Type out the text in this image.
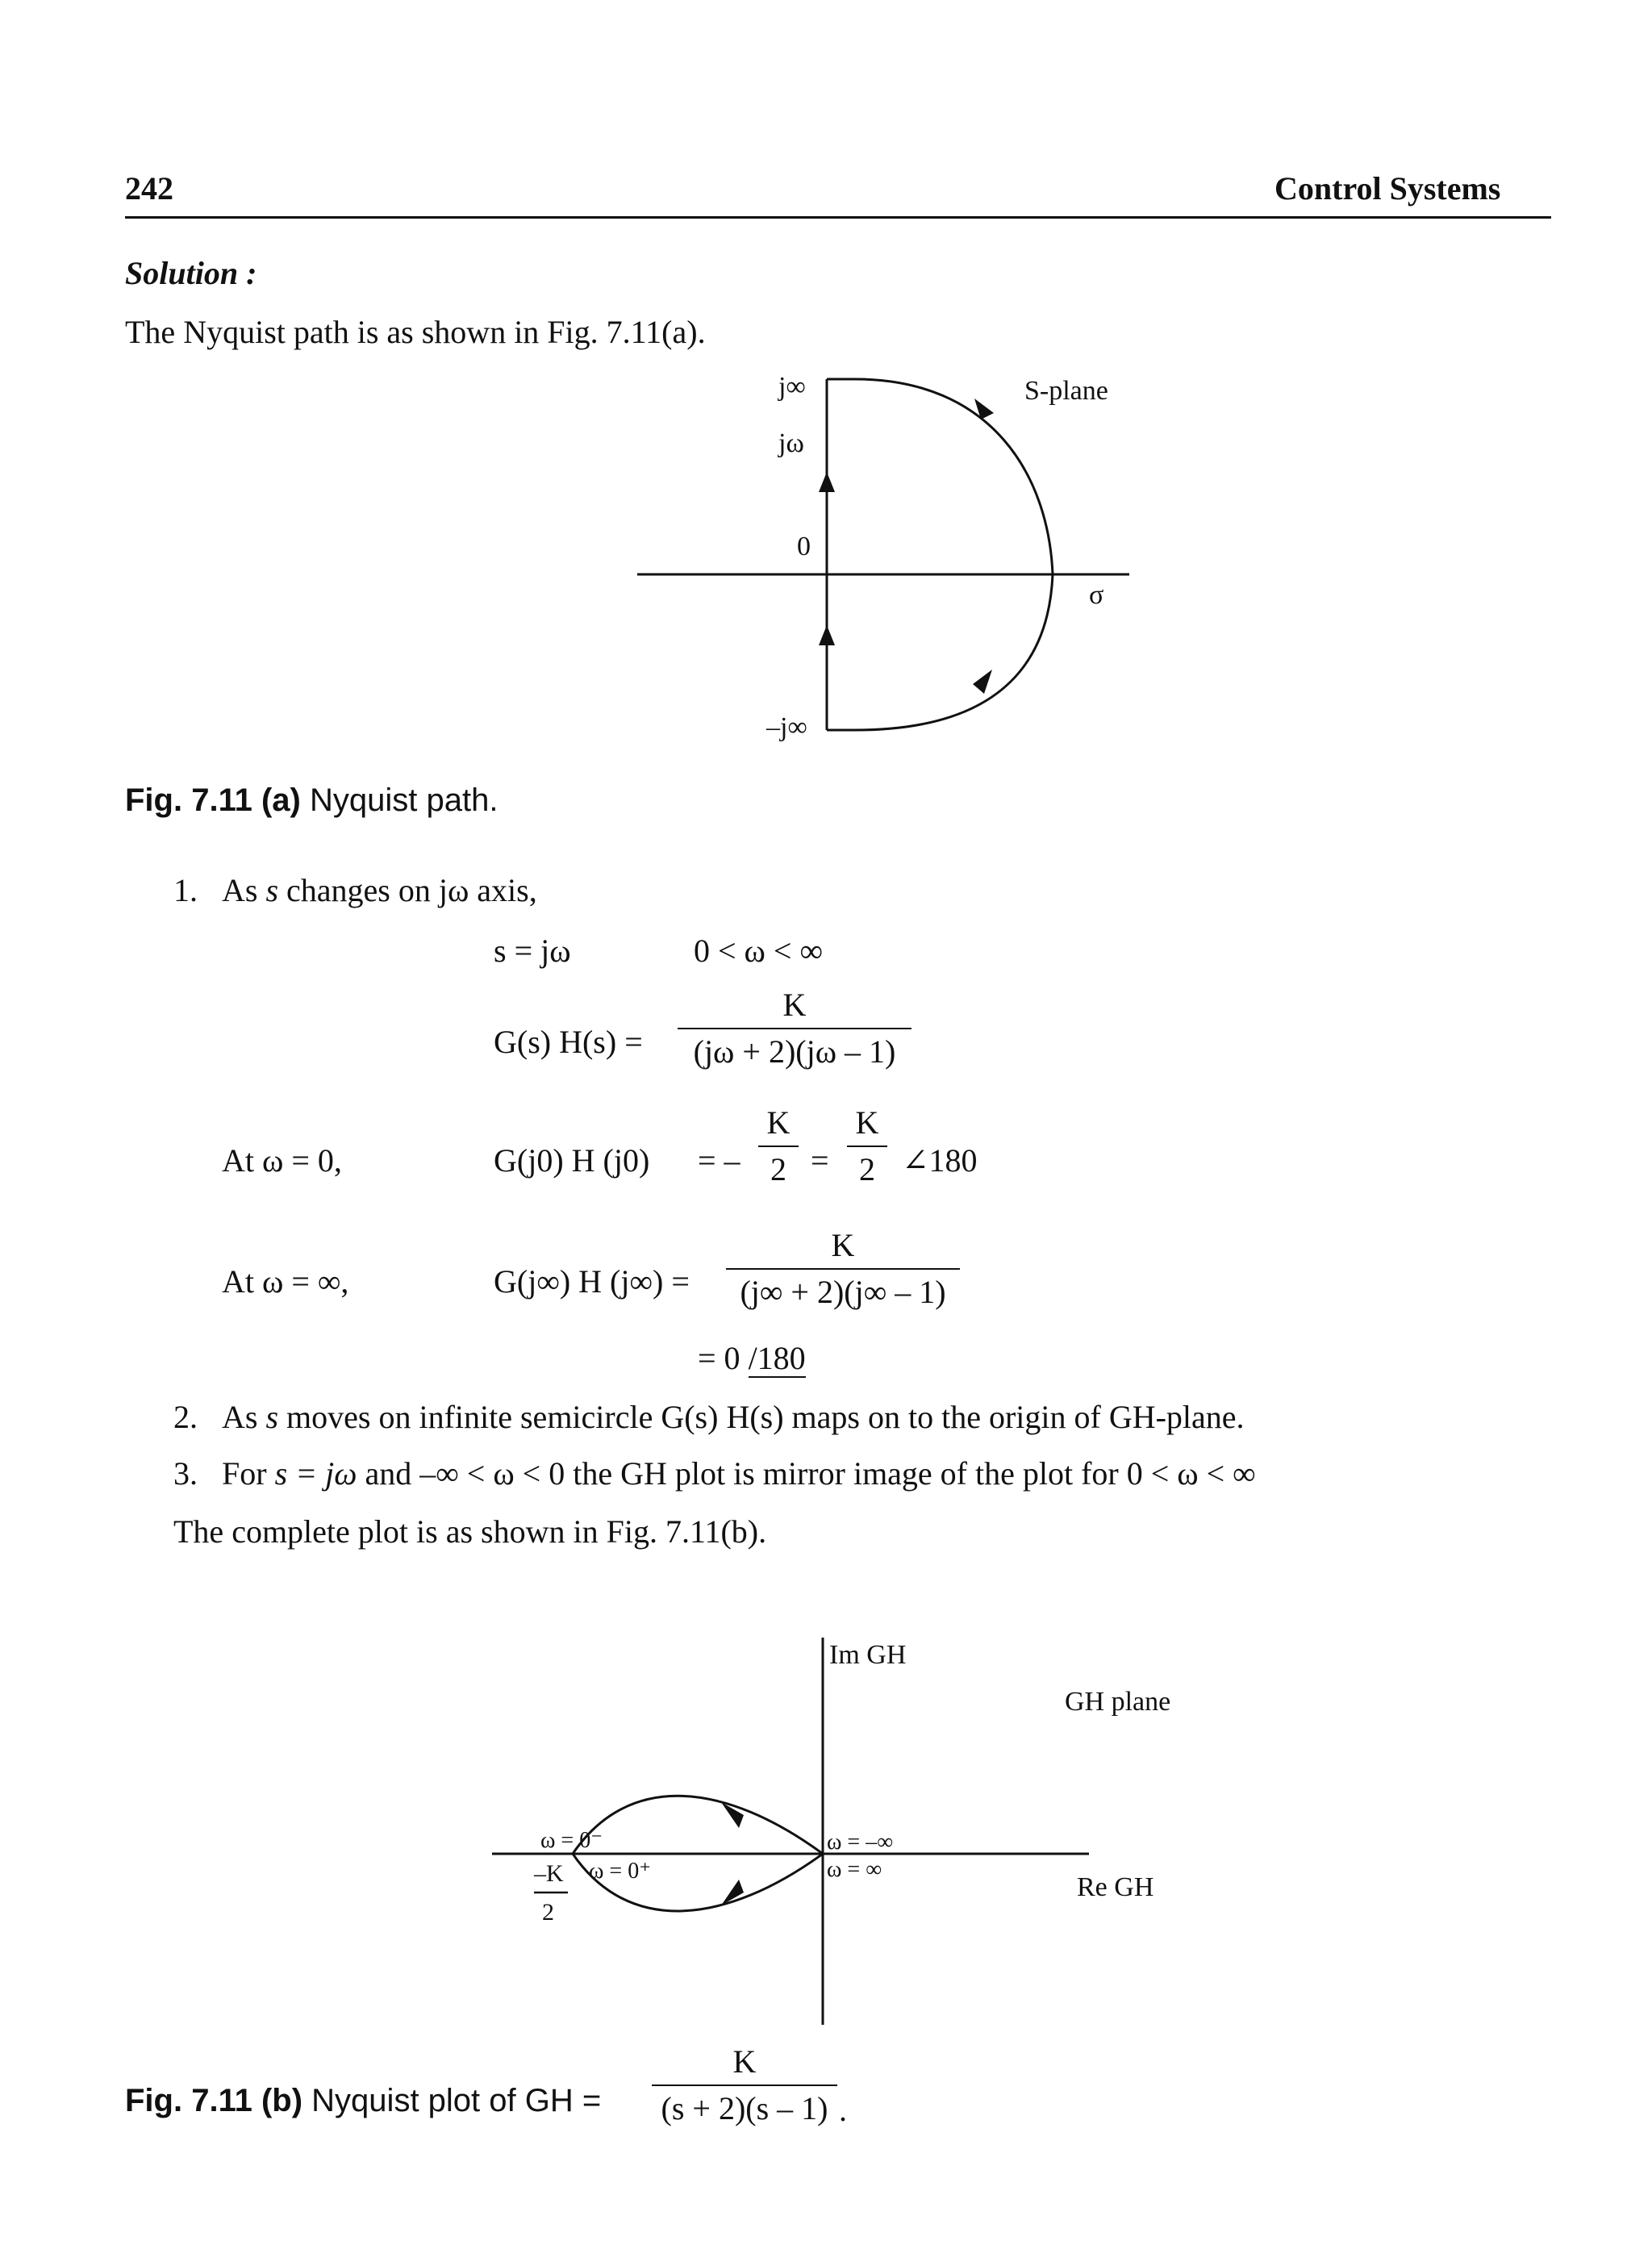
242	Control Systems
Solution :
The Nyquist path is as shown in Fig. 7.11(a).
j∞
jω
0
–j∞
S-plane
σ
Fig. 7.11 (a) Nyquist path.
1. As s changes on jω axis,
s = jω	0 < ω < ∞
G(s) H(s) =
K
(jω + 2)(jω – 1)
At ω = 0,	G(j0) H (j0) = –
K
2 =
K
2 ∠180
At ω = ∞,	G(j∞) H (j∞) =
K
(j∞ + 2)(j∞ – 1)
= 0 /180
2. As s moves on infinite semicircle G(s) H(s) maps on to the origin of GH-plane.
3. For s = jω and –∞ < ω < 0 the GH plot is mirror image of the plot for 0 < ω < ∞
The complete plot is as shown in Fig. 7.11(b).
Im GH
GH plane
Re GH
ω = –∞
ω = ∞
ω = 0⁻
ω = 0⁺
–K
2
Fig. 7.11 (b) Nyquist plot of GH =
K
(s + 2)(s – 1) .
